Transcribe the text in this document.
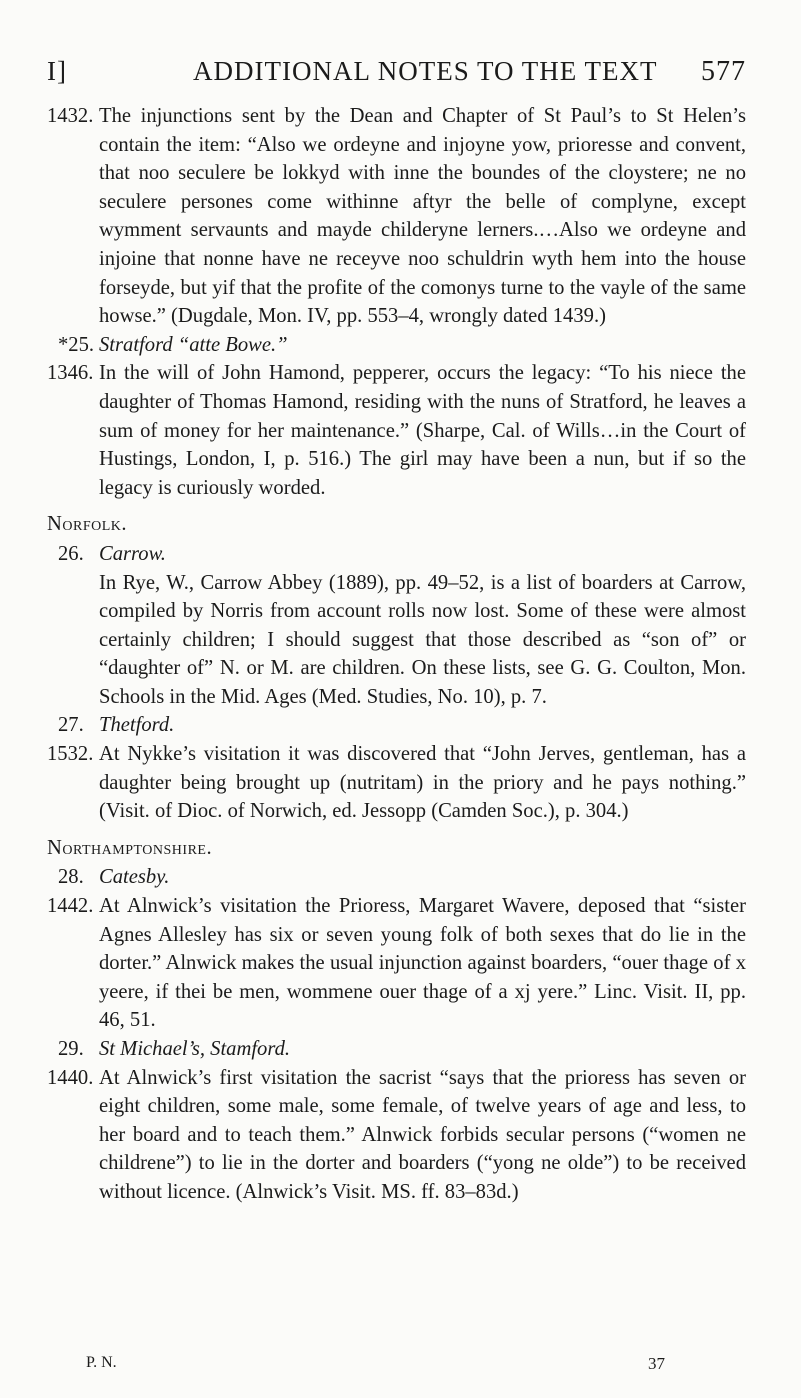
I]	ADDITIONAL NOTES TO THE TEXT 577
1432. The injunctions sent by the Dean and Chapter of St Paul’s to St Helen’s contain the item: “Also we ordeyne and injoyne yow, prioresse and convent, that noo seculere be lokkyd with inne the boundes of the cloystere; ne no seculere persones come withinne aftyr the belle of complyne, except wymment servaunts and mayde childeryne lerners.…Also we ordeyne and injoine that nonne have ne receyve noo schuldrin wyth hem into the house forseyde, but yif that the profite of the comonys turne to the vayle of the same howse.” (Dugdale, Mon. IV, pp. 553–4, wrongly dated 1439.)
*25. Stratford “atte Bowe.”
1346. In the will of John Hamond, pepperer, occurs the legacy: “To his niece the daughter of Thomas Hamond, residing with the nuns of Stratford, he leaves a sum of money for her maintenance.” (Sharpe, Cal. of Wills…in the Court of Hustings, London, I, p. 516.) The girl may have been a nun, but if so the legacy is curiously worded.
Norfolk.
26. Carrow.
In Rye, W., Carrow Abbey (1889), pp. 49–52, is a list of boarders at Carrow, compiled by Norris from account rolls now lost. Some of these were almost certainly children; I should suggest that those described as “son of” or “daughter of” N. or M. are children. On these lists, see G. G. Coulton, Mon. Schools in the Mid. Ages (Med. Studies, No. 10), p. 7.
27. Thetford.
1532. At Nykke’s visitation it was discovered that “John Jerves, gentleman, has a daughter being brought up (nutritam) in the priory and he pays nothing.” (Visit. of Dioc. of Norwich, ed. Jessopp (Camden Soc.), p. 304.)
Northamptonshire.
28. Catesby.
1442. At Alnwick’s visitation the Prioress, Margaret Wavere, deposed that “sister Agnes Allesley has six or seven young folk of both sexes that do lie in the dorter.” Alnwick makes the usual injunction against boarders, “ouer thage of x yeere, if thei be men, wommene ouer thage of a xj yere.” Linc. Visit. II, pp. 46, 51.
29. St Michael’s, Stamford.
1440. At Alnwick’s first visitation the sacrist “says that the prioress has seven or eight children, some male, some female, of twelve years of age and less, to her board and to teach them.” Alnwick forbids secular persons (“women ne childrene”) to lie in the dorter and boarders (“yong ne olde”) to be received without licence. (Alnwick’s Visit. MS. ff. 83–83d.)
P. N.	37
